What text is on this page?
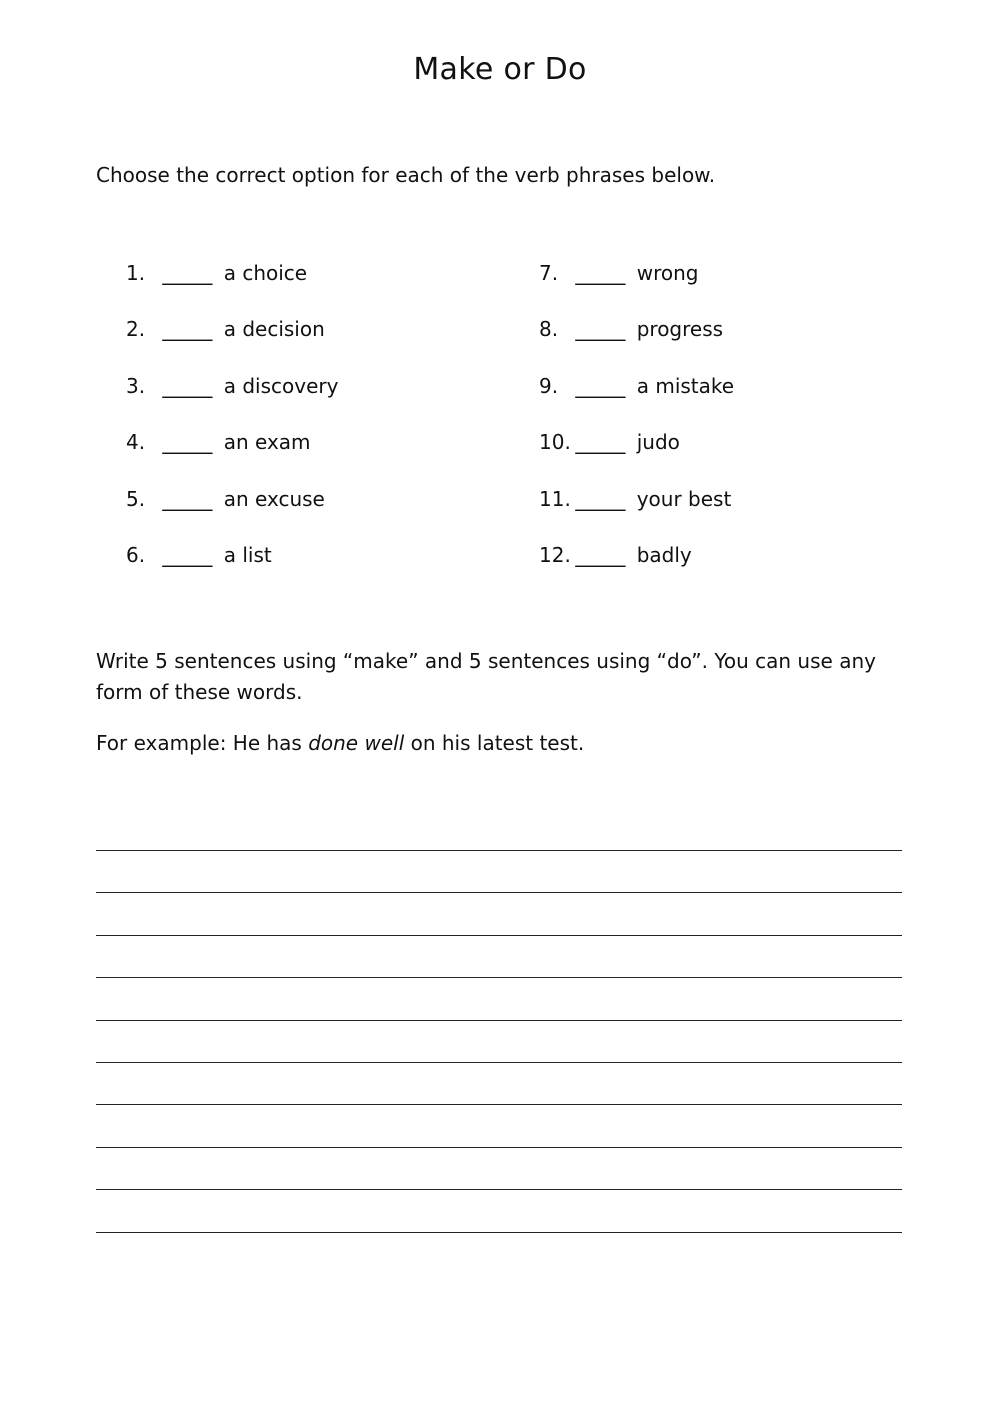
Make or Do
Choose the correct option for each of the verb phrases below.
1. _____ a choice
2. _____ a decision
3. _____ a discovery
4. _____ an exam
5. _____ an excuse
6. _____ a list
7. _____ wrong
8. _____ progress
9. _____ a mistake
10. _____ judo
11. _____ your best
12. _____ badly
Write 5 sentences using “make” and 5 sentences using “do”. You can use any form of these words.
For example: He has done well on his latest test.
